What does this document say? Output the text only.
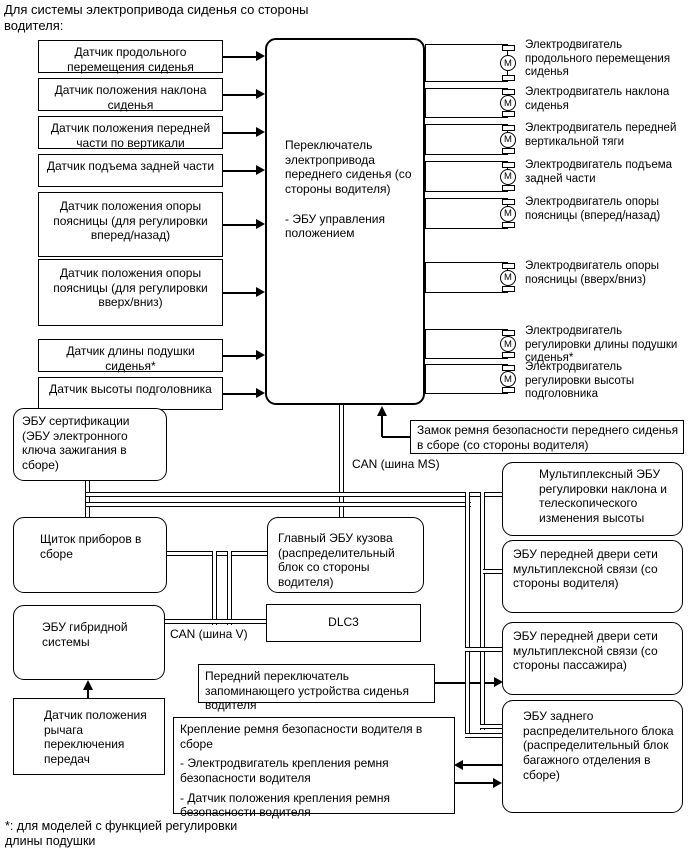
Для системы электропривода сиденья со стороны водителя:
*: для моделей с функцией регулировки длины подушки
CAN (шина MS)
CAN (шина V)
Датчик продольного перемещения сиденья
Датчик положения наклона сиденья
Датчик положения передней части по вертикали
Датчик подъема задней части
Датчик положения опоры поясницы (для регулировки вперед/назад)
Датчик положения опоры поясницы (для регулировки вверх/вниз)
Датчик длины подушки сиденья*
Датчик высоты подголовника
Переключатель электропривода переднего сиденья (со стороны водителя)
- ЭБУ управления положением
M
M
M
M
M
M
M
M
Электродвигатель продольного перемещения сиденья
Электродвигатель наклона сиденья
Электродвигатель передней вертикальной тяги
Электродвигатель подъема задней части
Электродвигатель опоры поясницы (вперед/назад)
Электродвигатель опоры поясницы (вверх/вниз)
Электродвигатель регулировки длины подушки сиденья*
Электродвигатель регулировки высоты подголовника
Замок ремня безопасности переднего сиденья в сборе (со стороны водителя)
ЭБУ сертификации (ЭБУ электронного ключа зажигания в сборе)
Щиток приборов в сборе
Главный ЭБУ кузова (распределительный блок со стороны водителя)
ЭБУ гибридной системы
DLC3
Датчик положения рычага переключения передач
Передний переключатель запоминающего устройства сиденья водителя
Крепление ремня безопасности водителя в сборе
- Электродвигатель крепления ремня безопасности водителя
- Датчик положения крепления ремня безопасности водителя
Мультиплексный ЭБУ регулировки наклона и телескопического изменения высоты
ЭБУ передней двери сети мультиплексной связи (со стороны водителя)
ЭБУ передней двери сети мультиплексной связи (со стороны пассажира)
ЭБУ заднего распределительного блока (распределительный блок багажного отделения в сборе)
